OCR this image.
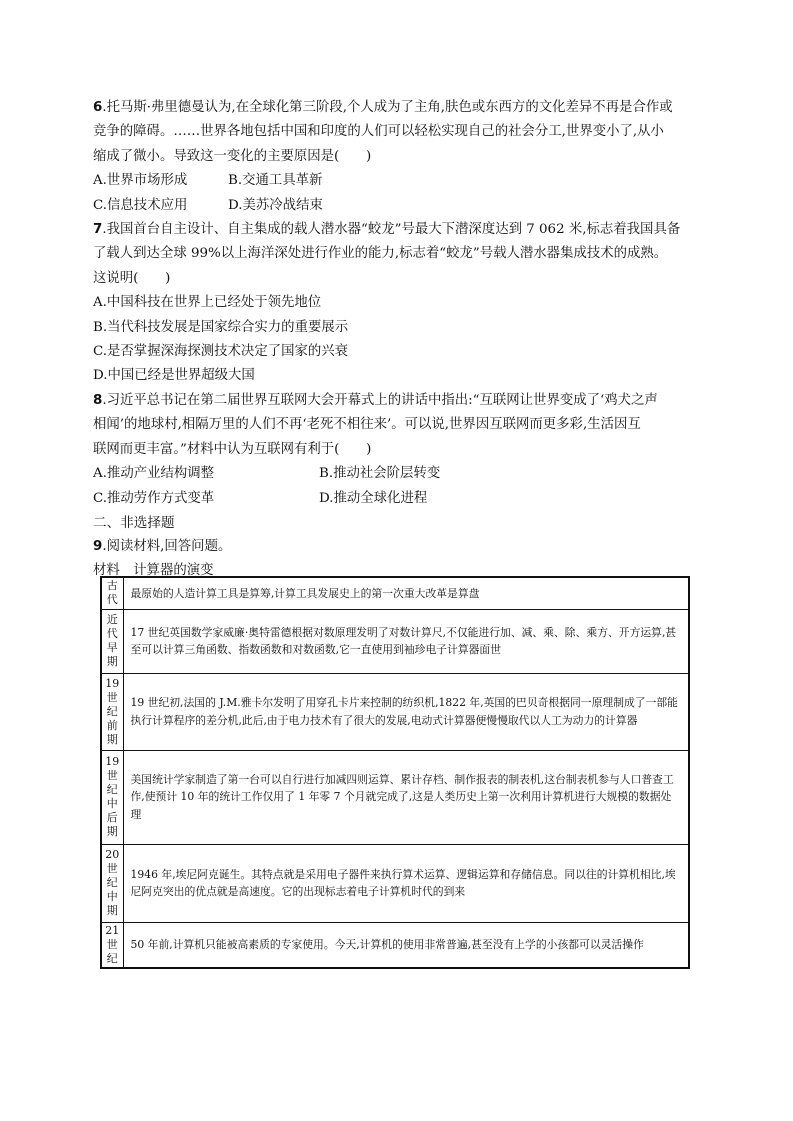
6.托马斯·弗里德曼认为,在全球化第三阶段,个人成为了主角,肤色或东西方的文化差异不再是合作或

竞争的障碍。……世界各地包括中国和印度的人们可以轻松实现自己的社会分工,世界变小了,从小

缩成了微小。导致这一变化的主要原因是(　　)

A.世界市场形成	B.交通工具革新
C.信息技术应用	D.美苏冷战结束

7.我国首台自主设计、自主集成的载人潜水器“蛟龙”号最大下潜深度达到 7 062 米,标志着我国具备

了载人到达全球 99%以上海洋深处进行作业的能力,标志着“蛟龙”号载人潜水器集成技术的成熟。

这说明(　　)

A.中国科技在世界上已经处于领先地位

B.当代科技发展是国家综合实力的重要展示

C.是否掌握深海探测技术决定了国家的兴衰

D.中国已经是世界超级大国

8.习近平总书记在第二届世界互联网大会开幕式上的讲话中指出:“互联网让世界变成了‘鸡犬之声

相闻’的地球村,相隔万里的人们不再‘老死不相往来’。可以说,世界因互联网而更多彩,生活因互

联网而更丰富。”材料中认为互联网有利于(　　)

A.推动产业结构调整	B.推动社会阶层转变
C.推动劳作方式变革	D.推动全球化进程

二、非选择题

9.阅读材料,回答问题。

材料　计算器的演变

古代	最原始的人造计算工具是算筹,计算工具发展史上的第一次重大改革是算盘
近代早期	17 世纪英国数学家威廉·奥特雷德根据对数原理发明了对数计算尺,不仅能进行加、减、乘、除、乘方、开方运算,甚至可以计算三角函数、指数函数和对数函数,它一直使用到袖珍电子计算器面世
19世纪前期	19 世纪初,法国的 J.M.雅卡尔发明了用穿孔卡片来控制的纺织机,1822 年,英国的巴贝奇根据同一原理制成了一部能执行计算程序的差分机,此后,由于电力技术有了很大的发展,电动式计算器便慢慢取代以人工为动力的计算器
19世纪中后期	美国统计学家制造了第一台可以自行进行加减四则运算、累计存档、制作报表的制表机,这台制表机参与人口普查工作,使预计 10 年的统计工作仅用了 1 年零 7 个月就完成了,这是人类历史上第一次利用计算机进行大规模的数据处理
20世纪中期	1946 年,埃尼阿克诞生。其特点就是采用电子器件来执行算术运算、逻辑运算和存储信息。同以往的计算机相比,埃尼阿克突出的优点就是高速度。它的出现标志着电子计算机时代的到来
21世纪	50 年前,计算机只能被高素质的专家使用。今天,计算机的使用非常普遍,甚至没有上学的小孩都可以灵活操作
